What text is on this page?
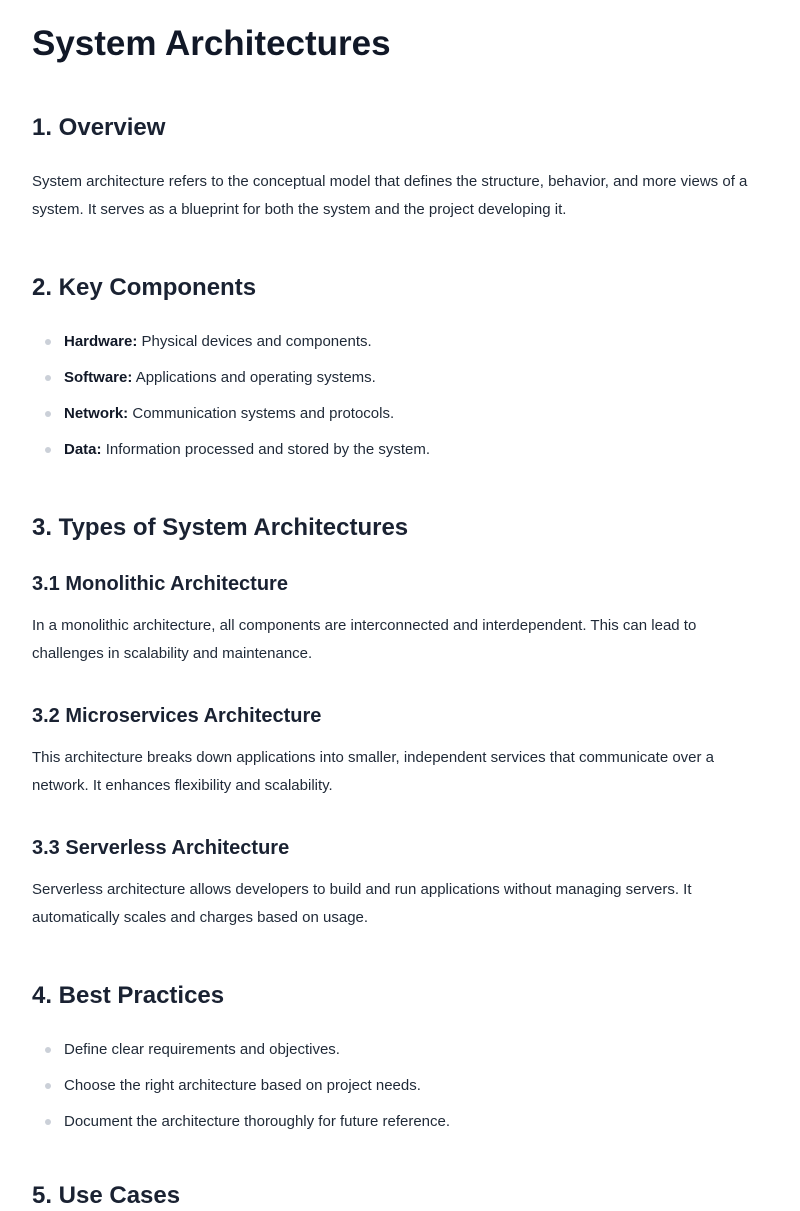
System Architectures
1. Overview

System architecture refers to the conceptual model that defines the structure, behavior, and more views of a system. It serves as a blueprint for both the system and the project developing it.

2. Key Components
Hardware: Physical devices and components.
Software: Applications and operating systems.
Network: Communication systems and protocols.
Data: Information processed and stored by the system.
3. Types of System Architectures
3.1 Monolithic Architecture

In a monolithic architecture, all components are interconnected and interdependent. This can lead to challenges in scalability and maintenance.

3.2 Microservices Architecture

This architecture breaks down applications into smaller, independent services that communicate over a network. It enhances flexibility and scalability.

3.3 Serverless Architecture

Serverless architecture allows developers to build and run applications without managing servers. It automatically scales and charges based on usage.

4. Best Practices
Define clear requirements and objectives.
Choose the right architecture based on project needs.
Document the architecture thoroughly for future reference.
5. Use Cases
